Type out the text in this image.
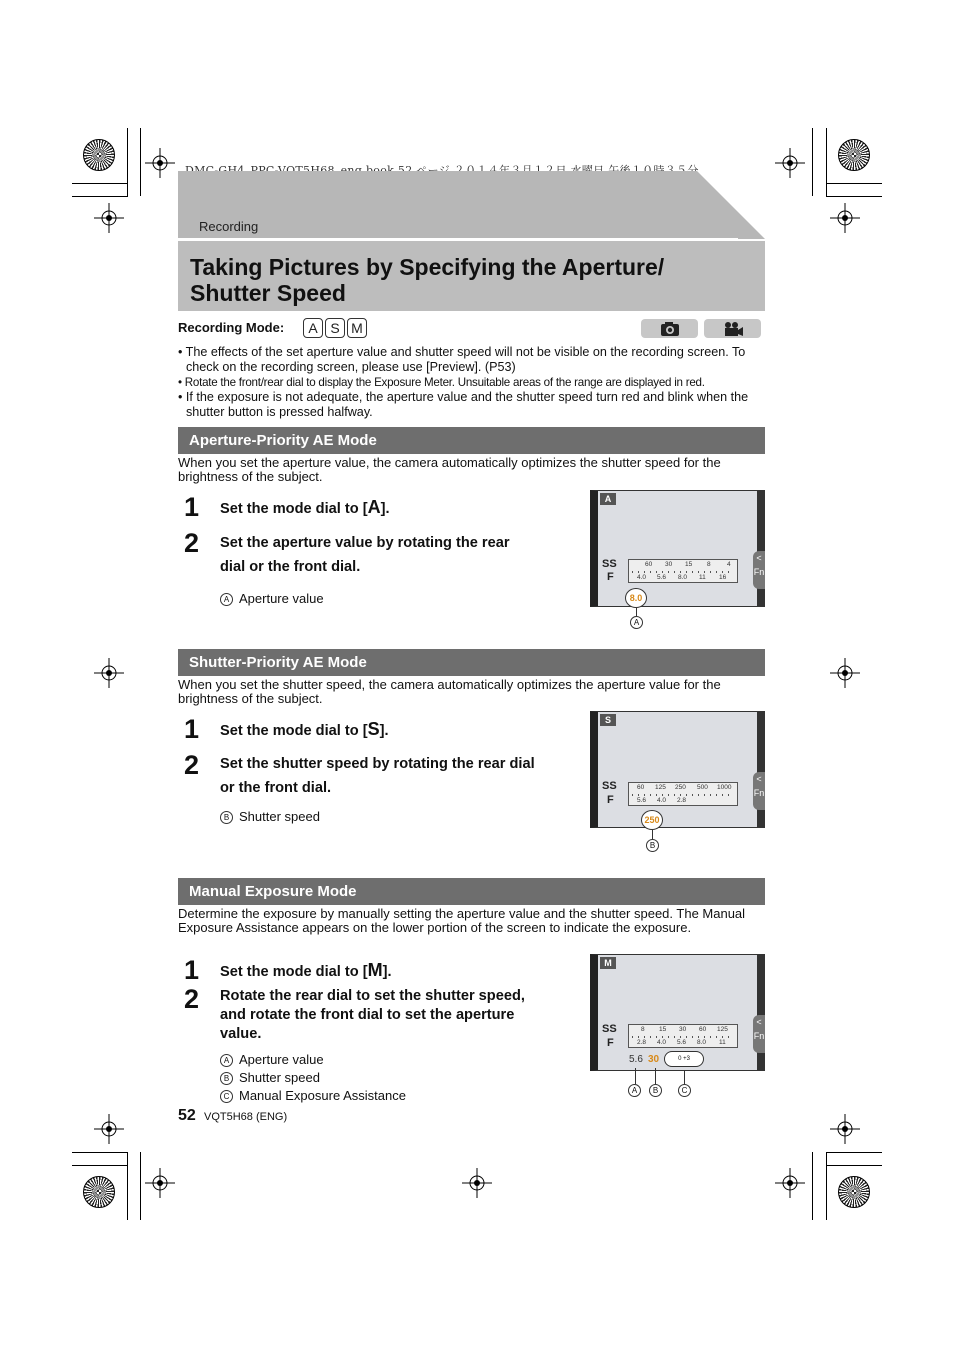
Recording
Taking Pictures by Specifying the Aperture/
Shutter Speed
Recording Mode:	A S M
• The effects of the set aperture value and shutter speed will not be visible on the recording screen. To check on the recording screen, please use [Preview]. (P53)
• Rotate the front/rear dial to display the Exposure Meter. Unsuitable areas of the range are displayed in red.
• If the exposure is not adequate, the aperture value and the shutter speed turn red and blink when the shutter button is pressed halfway.
Aperture-Priority AE Mode
When you set the aperture value, the camera automatically optimizes the shutter speed for the brightness of the subject.
1 Set the mode dial to [A].
2 Set the aperture value by rotating the rear
dial or the front dial.
A Aperture value
A
SS
F
60 30 15 8	4
4.0 5.6 8.0 11 16
<
Fn
8.0
A
Shutter-Priority AE Mode
When you set the shutter speed, the camera automatically optimizes the aperture value for the brightness of the subject.
1 Set the mode dial to [S].
2 Set the shutter speed by rotating the rear dial
or the front dial.
B Shutter speed
S
SS
F
60 125 250 500 1000
5.6 4.0 2.8
<
Fn
250
B
Manual Exposure Mode
Determine the exposure by manually setting the aperture value and the shutter speed. The Manual Exposure Assistance appears on the lower portion of the screen to indicate the exposure.
1 Set the mode dial to [M].
2 Rotate the rear dial to set the shutter speed,
and rotate the front dial to set the aperture
value.
A Aperture value
B Shutter speed
C Manual Exposure Assistance
M
SS
F
8 15 30 60 125
2.8 4.0 5.6 8.0 11
5.6 30	0 +3
<
Fn
A	B	C
52 VQT5H68 (ENG)
